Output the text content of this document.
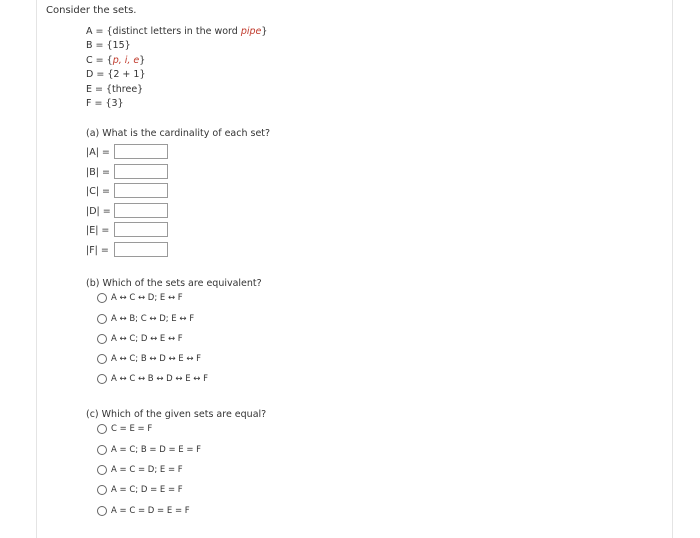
Consider the sets.
A = {distinct letters in the word pipe}
B = {15}
C = {p, i, e}
D = {2 + 1}
E = {three}
F = {3}
(a) What is the cardinality of each set?
|A| =
|B| =
|C| =
|D| =
|E| =
|F| =
(b) Which of the sets are equivalent?
A ↔ C ↔ D; E ↔ F
A ↔ B; C ↔ D; E ↔ F
A ↔ C; D ↔ E ↔ F
A ↔ C; B ↔ D ↔ E ↔ F
A ↔ C ↔ B ↔ D ↔ E ↔ F
(c) Which of the given sets are equal?
C = E = F
A = C; B = D = E = F
A = C = D; E = F
A = C; D = E = F
A = C = D = E = F
